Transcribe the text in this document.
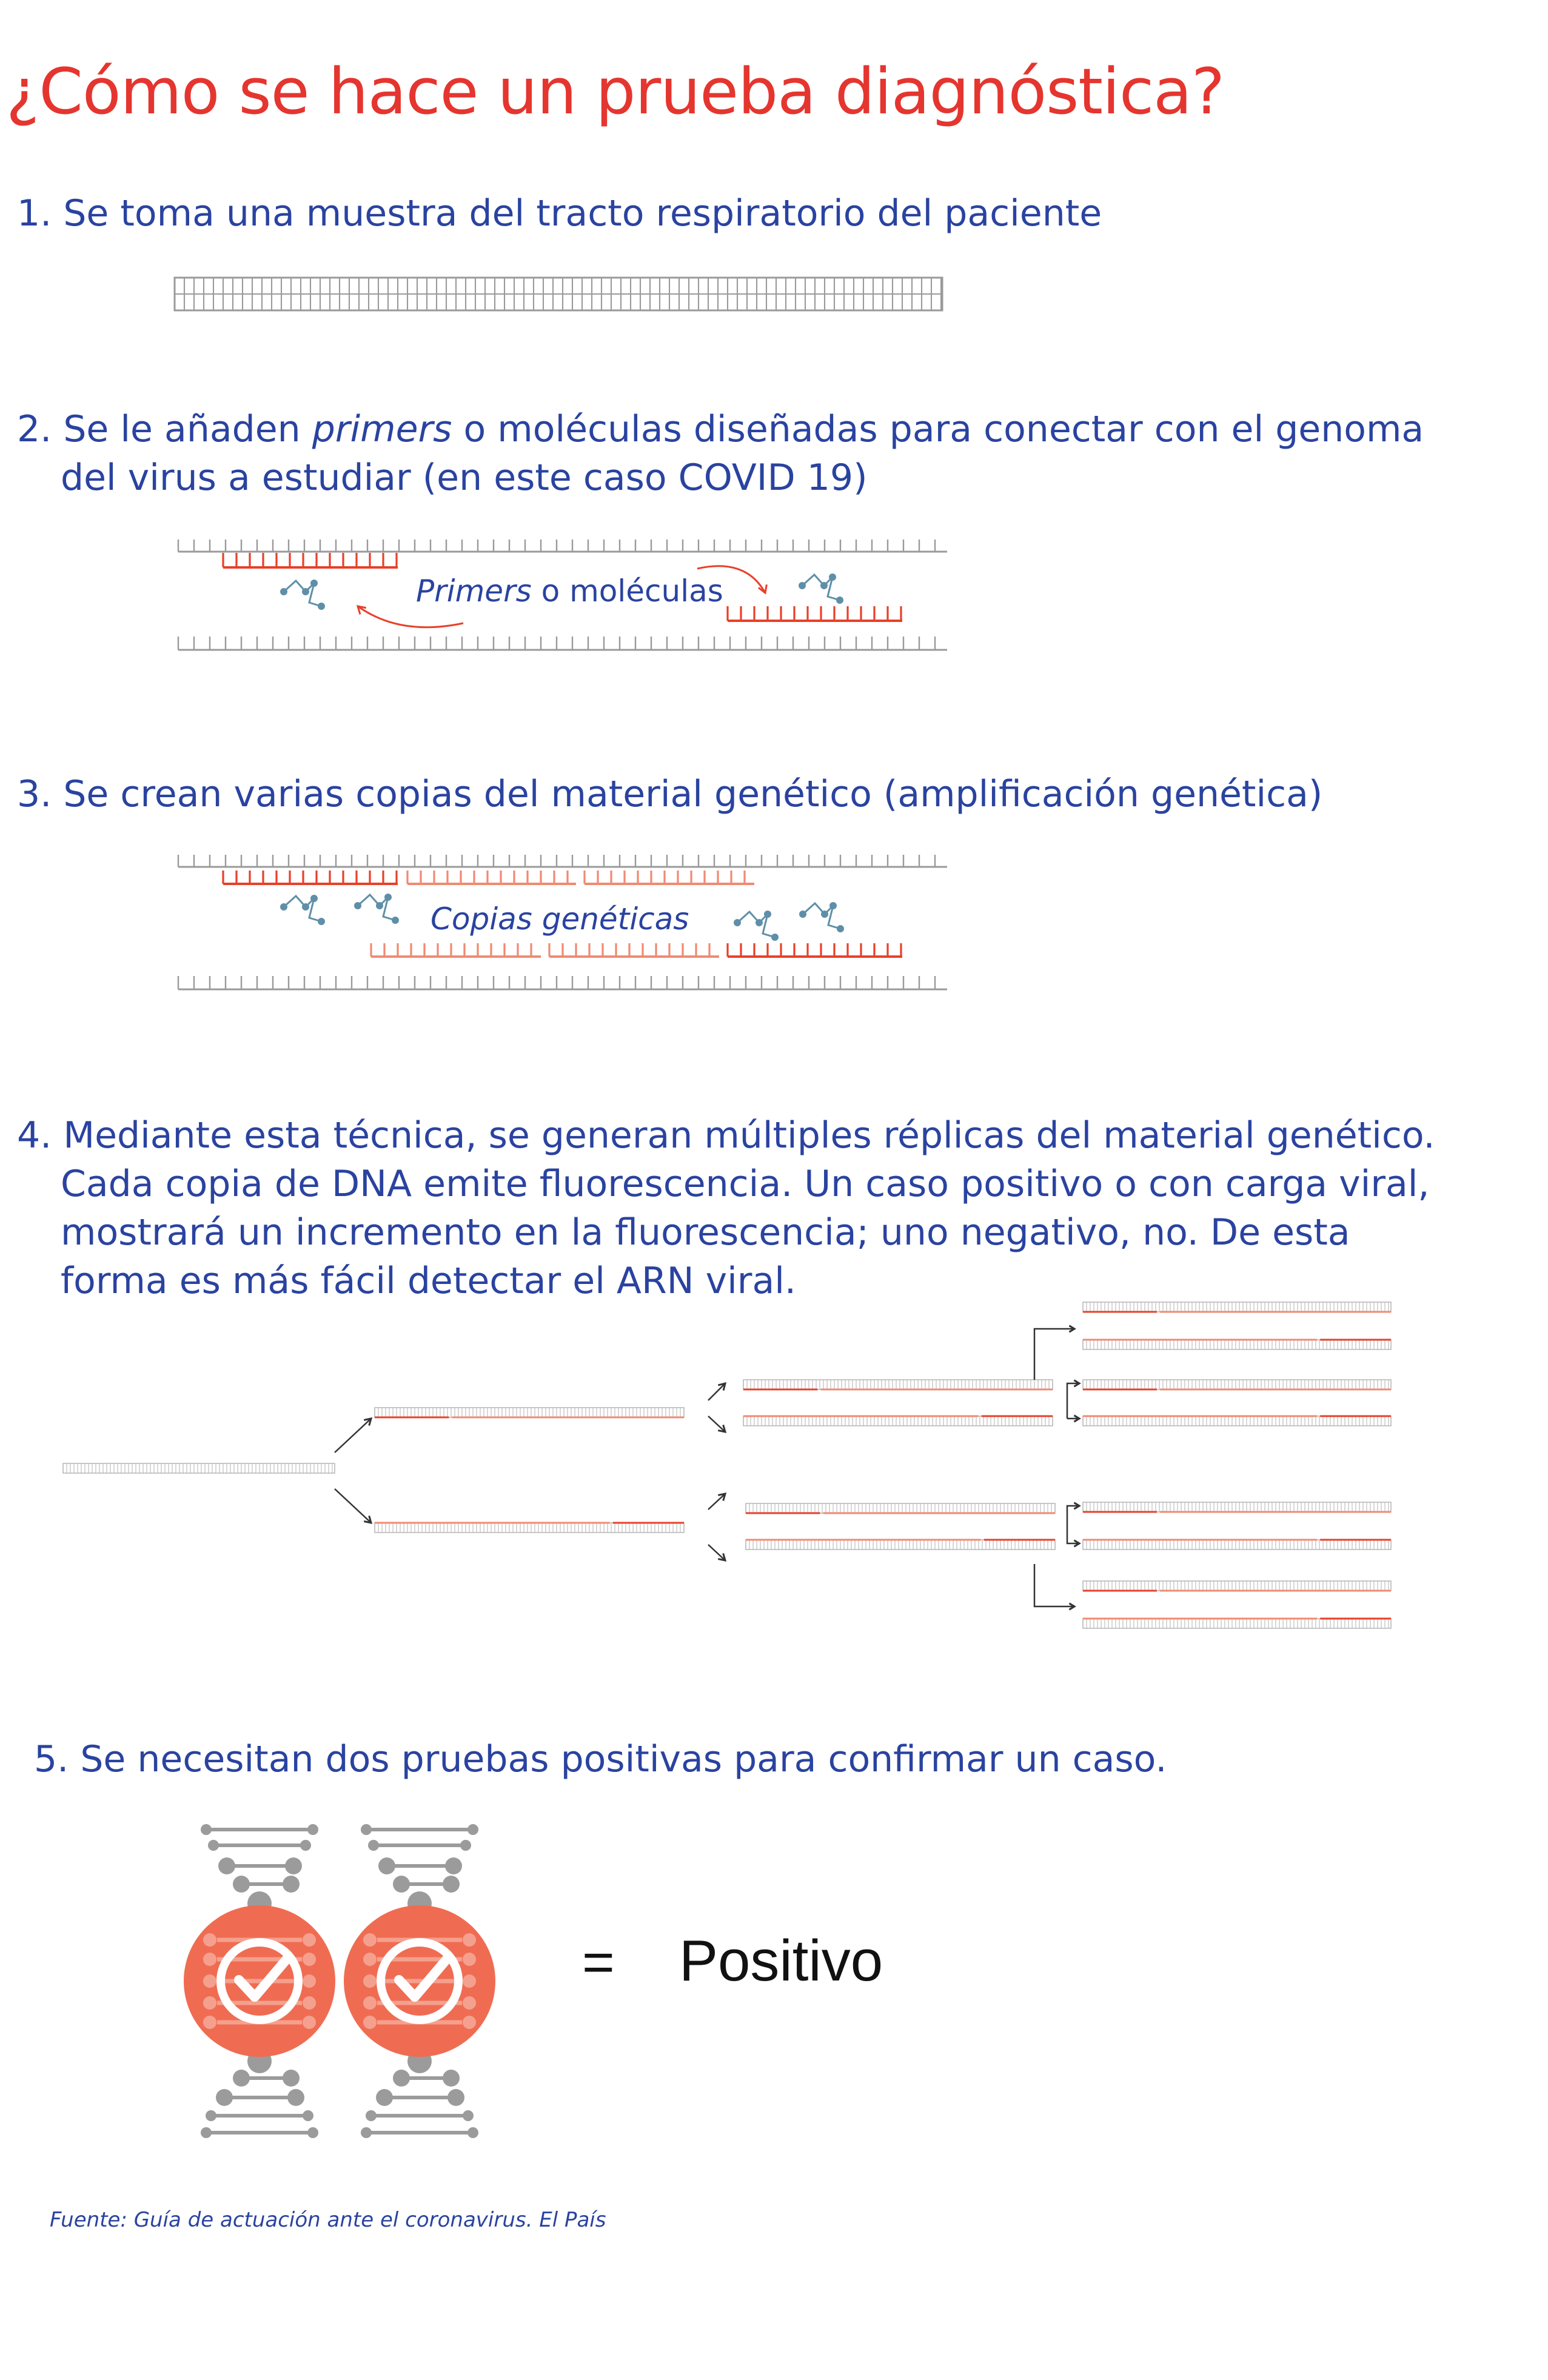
¿Cómo se hace un prueba diagnóstica?

1. Se toma una muestra del tracto respiratorio del paciente

2. Se le añaden primers o moléculas diseñadas para conectar con el genoma
del virus a estudiar (en este caso COVID 19)

3. Se crean varias copias del material genético (amplificación genética)

4. Mediante esta técnica, se generan múltiples réplicas del material genético.
Cada copia de DNA emite fluorescencia. Un caso positivo o con carga viral,
mostrará un incremento en la fluorescencia; uno negativo, no. De esta
forma es más fácil detectar el ARN viral.

5. Se necesitan dos pruebas positivas para confirmar un caso.

Primers o moléculas
Copias genéticas
= Positivo
Fuente: Guía de actuación ante el coronavirus. El País
